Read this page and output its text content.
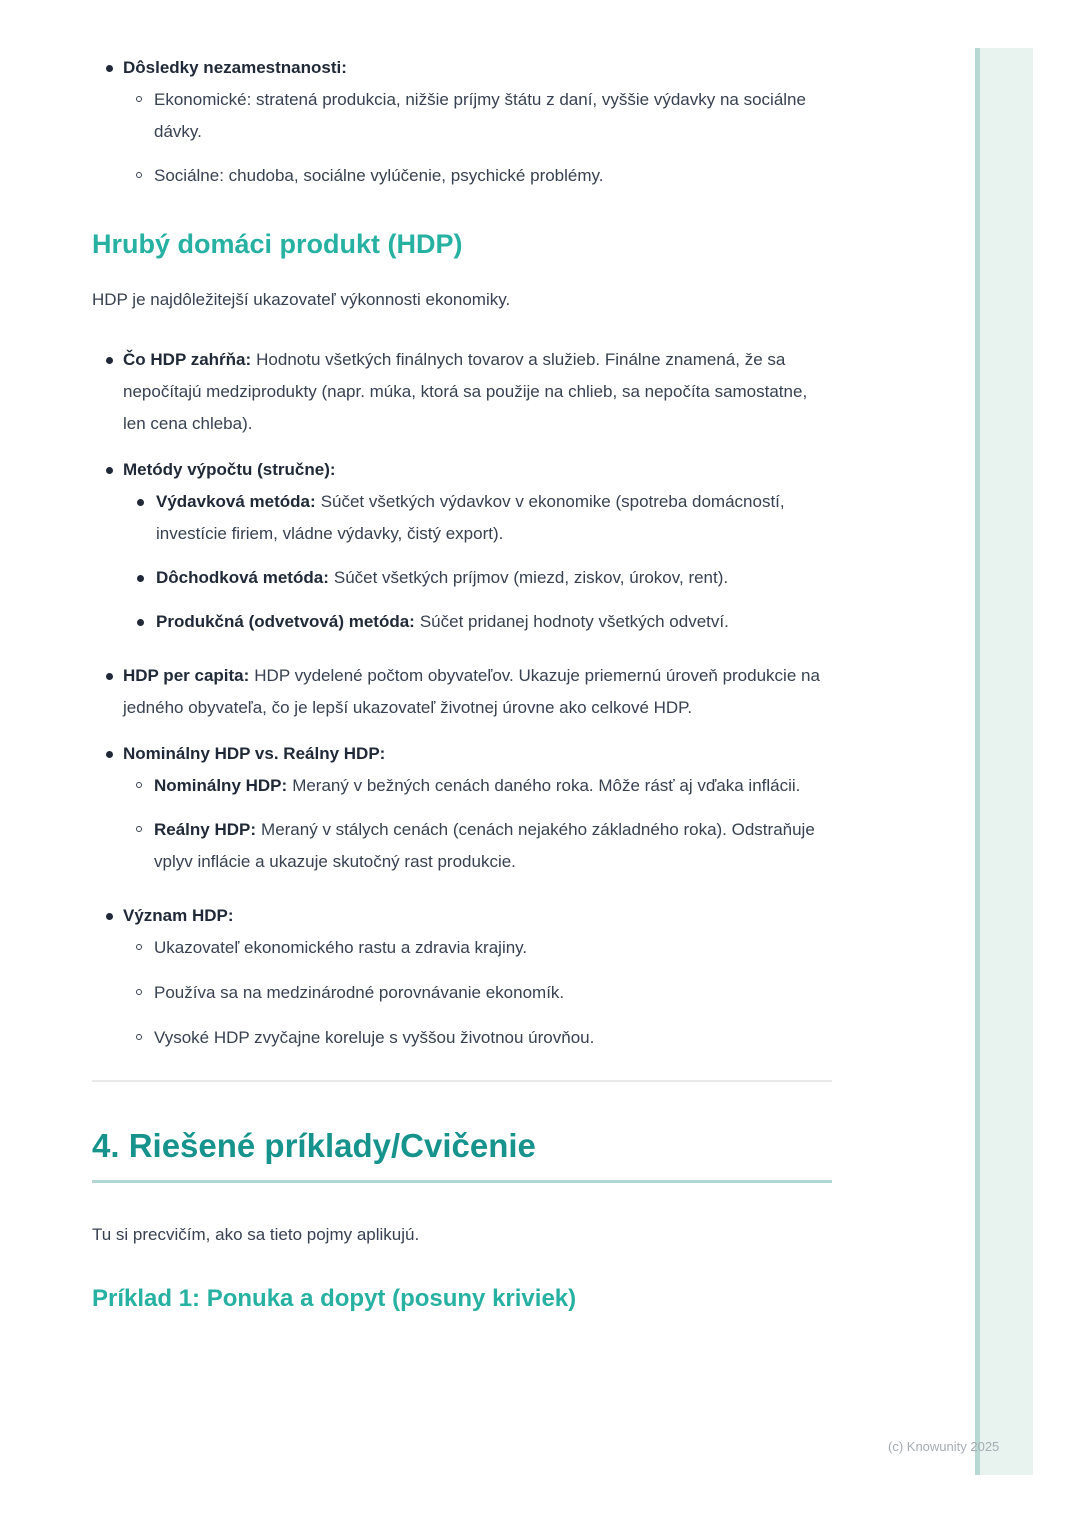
(c) Knowunity 2025
Dôsledky nezamestnanosti:
Ekonomické: stratená produkcia, nižšie príjmy štátu z daní, vyššie výdavky na sociálne dávky.
Sociálne: chudoba, sociálne vylúčenie, psychické problémy.
Hrubý domáci produkt (HDP)

HDP je najdôležitejší ukazovateľ výkonnosti ekonomiky.

Čo HDP zahŕňa: Hodnotu všetkých finálnych tovarov a služieb. Finálne znamená, že sa nepočítajú medziprodukty (napr. múka, ktorá sa použije na chlieb, sa nepočíta samostatne, len cena chleba).
Metódy výpočtu (stručne):
Výdavková metóda: Súčet všetkých výdavkov v ekonomike (spotreba domácností, investície firiem, vládne výdavky, čistý export).
Dôchodková metóda: Súčet všetkých príjmov (miezd, ziskov, úrokov, rent).
Produkčná (odvetvová) metóda: Súčet pridanej hodnoty všetkých odvetví.
HDP per capita: HDP vydelené počtom obyvateľov. Ukazuje priemernú úroveň produkcie na jedného obyvateľa, čo je lepší ukazovateľ životnej úrovne ako celkové HDP.
Nominálny HDP vs. Reálny HDP:
Nominálny HDP: Meraný v bežných cenách daného roka. Môže rásť aj vďaka inflácii.
Reálny HDP: Meraný v stálych cenách (cenách nejakého základného roka). Odstraňuje vplyv inflácie a ukazuje skutočný rast produkcie.
Význam HDP:
Ukazovateľ ekonomického rastu a zdravia krajiny.
Používa sa na medzinárodné porovnávanie ekonomík.
Vysoké HDP zvyčajne koreluje s vyššou životnou úrovňou.
4. Riešené príklady/Cvičenie

Tu si precvičím, ako sa tieto pojmy aplikujú.

Príklad 1: Ponuka a dopyt (posuny kriviek)
